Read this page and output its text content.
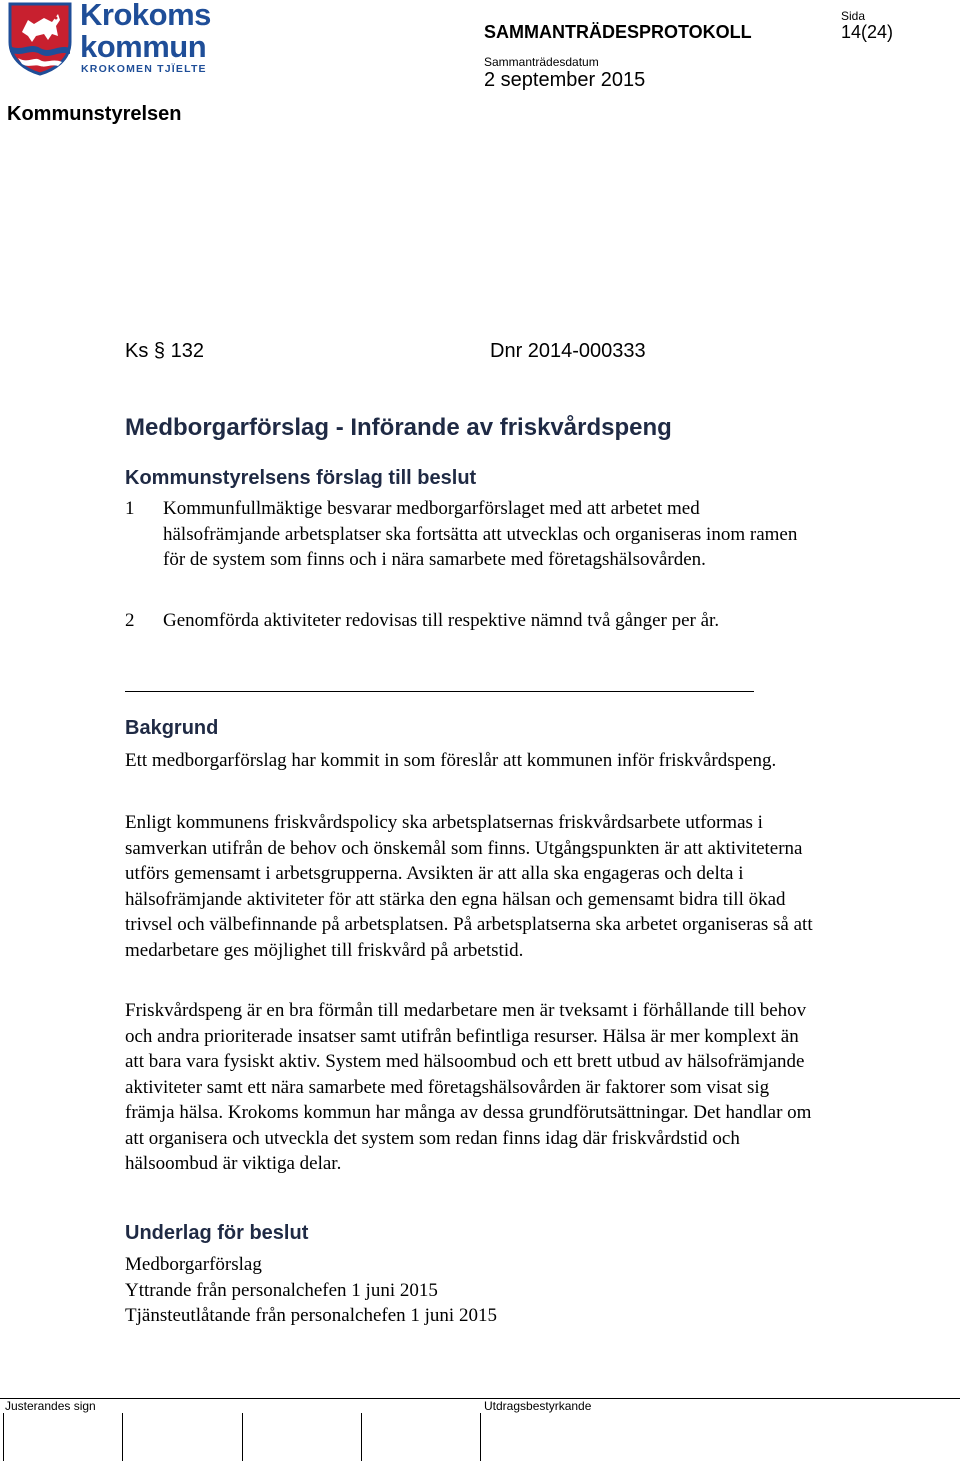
Krokoms
kommun
KROKOMEN TJÏELTE
SAMMANTRÄDESPROTOKOLL
Sammanträdesdatum
2 september 2015
Sida
14(24)
Kommunstyrelsen
Ks § 132	Dnr 2014-000333
Medborgarförslag - Införande av friskvårdspeng
Kommunstyrelsens förslag till beslut
1 Kommunfullmäktige besvarar medborgarförslaget med att arbetet med hälsofrämjande arbetsplatser ska fortsätta att utvecklas och organiseras inom ramen för de system som finns och i nära samarbete med företagshälsovården.
2 Genomförda aktiviteter redovisas till respektive nämnd två gånger per år.
Bakgrund
Ett medborgarförslag har kommit in som föreslår att kommunen inför friskvårdspeng.
Enligt kommunens friskvårdspolicy ska arbetsplatsernas friskvårdsarbete utformas i samverkan utifrån de behov och önskemål som finns. Utgångspunkten är att aktiviteterna utförs gemensamt i arbetsgrupperna. Avsikten är att alla ska engageras och delta i hälsofrämjande aktiviteter för att stärka den egna hälsan och gemensamt bidra till ökad trivsel och välbefinnande på arbetsplatsen. På arbetsplatserna ska arbetet organiseras så att medarbetare ges möjlighet till friskvård på arbetstid.
Friskvårdspeng är en bra förmån till medarbetare men är tveksamt i förhållande till behov och andra prioriterade insatser samt utifrån befintliga resurser. Hälsa är mer komplext än att bara vara fysiskt aktiv. System med hälsoombud och ett brett utbud av hälsofrämjande aktiviteter samt ett nära samarbete med företagshälsovården är faktorer som visat sig främja hälsa. Krokoms kommun har många av dessa grundförutsättningar. Det handlar om att organisera och utveckla det system som redan finns idag där friskvårdstid och hälsoombud är viktiga delar.
Underlag för beslut
Medborgarförslag
Yttrande från personalchefen 1 juni 2015
Tjänsteutlåtande från personalchefen 1 juni 2015
Justerandes sign	Utdragsbestyrkande
